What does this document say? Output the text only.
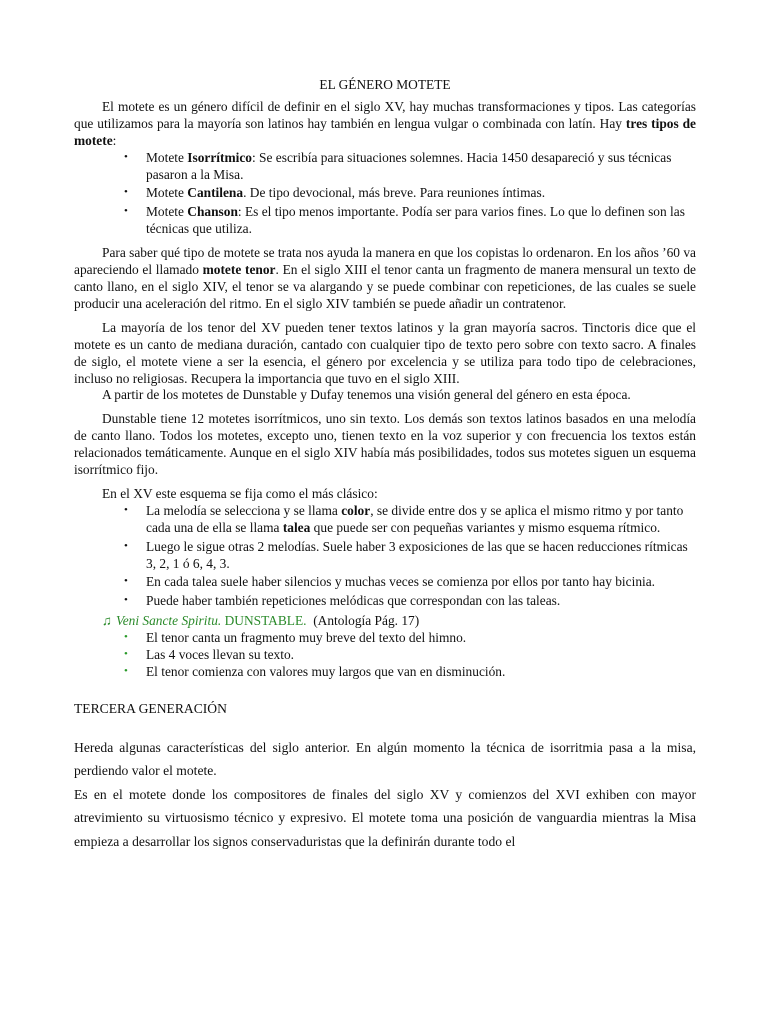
EL GÉNERO MOTETE

El motete es un género difícil de definir en el siglo XV, hay muchas transformaciones y tipos. Las categorías que utilizamos para la mayoría son latinos hay también en lengua vulgar o combinada con latín. Hay tres tipos de motete:

• Motete Isorrítmico: Se escribía para situaciones solemnes. Hacia 1450 desapareció y sus técnicas pasaron a la Misa.
• Motete Cantilena. De tipo devocional, más breve. Para reuniones íntimas.
• Motete Chanson: Es el tipo menos importante. Podía ser para varios fines. Lo que lo definen son las técnicas que utiliza.

Para saber qué tipo de motete se trata nos ayuda la manera en que los copistas lo ordenaron. En los años ’60 va apareciendo el llamado motete tenor. En el siglo XIII el tenor canta un fragmento de manera mensural un texto de canto llano, en el siglo XIV, el tenor se va alargando y se puede combinar con repeticiones, de las cuales se suele producir una aceleración del ritmo. En el siglo XIV también se puede añadir un contratenor.

La mayoría de los tenor del XV pueden tener textos latinos y la gran mayoría sacros. Tinctoris dice que el motete es un canto de mediana duración, cantado con cualquier tipo de texto pero sobre con texto sacro. A finales de siglo, el motete viene a ser la esencia, el género por excelencia y se utiliza para todo tipo de celebraciones, incluso no religiosas. Recupera la importancia que tuvo en el siglo XIII.

A partir de los motetes de Dunstable y Dufay tenemos una visión general del género en esta época.

Dunstable tiene 12 motetes isorrítmicos, uno sin texto. Los demás son textos latinos basados en una melodía de canto llano. Todos los motetes, excepto uno, tienen texto en la voz superior y con frecuencia los textos están relacionados temáticamente. Aunque en el siglo XIV había más posibilidades, todos sus motetes siguen un esquema isorrítmico fijo.

En el XV este esquema se fija como el más clásico:

• La melodía se selecciona y se llama color, se divide entre dos y se aplica el mismo ritmo y por tanto cada una de ella se llama talea que puede ser con pequeñas variantes y mismo esquema rítmico.
• Luego le sigue otras 2 melodías. Suele haber 3 exposiciones de las que se hacen reducciones rítmicas 3, 2, 1 ó 6, 4, 3.
• En cada talea suele haber silencios y muchas veces se comienza por ellos por tanto hay bicinia.
• Puede haber también repeticiones melódicas que correspondan con las taleas.
♫ Veni Sancte Spiritu. DUNSTABLE. (Antología Pág. 17)
• El tenor canta un fragmento muy breve del texto del himno.
• Las 4 voces llevan su texto.
• El tenor comienza con valores muy largos que van en disminución.
TERCERA GENERACIÓN

Hereda algunas características del siglo anterior. En algún momento la técnica de isorritmia pasa a la misa, perdiendo valor el motete.

Es en el motete donde los compositores de finales del siglo XV y comienzos del XVI exhiben con mayor atrevimiento su virtuosismo técnico y expresivo. El motete toma una posición de vanguardia mientras la Misa empieza a desarrollar los signos conservaduristas que la definirán durante todo el
